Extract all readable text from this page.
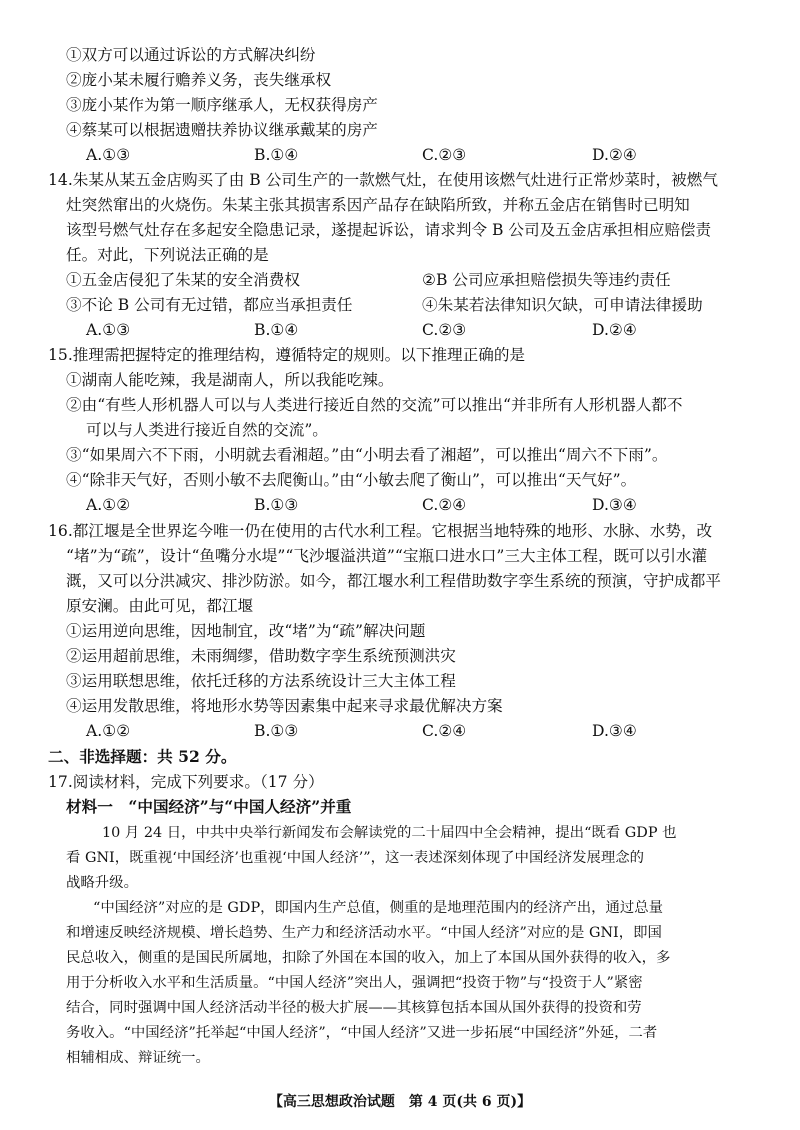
①双方可以通过诉讼的方式解决纠纷
②庞小某未履行赡养义务，丧失继承权
③庞小某作为第一顺序继承人，无权获得房产
④蔡某可以根据遗赠扶养协议继承戴某的房产
A.①③	B.①④	C.②③	D.②④
14.朱某从某五金店购买了由 B 公司生产的一款燃气灶，在使用该燃气灶进行正常炒菜时，被燃气
灶突然窜出的火烧伤。朱某主张其损害系因产品存在缺陷所致，并称五金店在销售时已明知
该型号燃气灶存在多起安全隐患记录，遂提起诉讼，请求判令 B 公司及五金店承担相应赔偿责
任。对此，下列说法正确的是
①五金店侵犯了朱某的安全消费权	②B 公司应承担赔偿损失等违约责任
③不论 B 公司有无过错，都应当承担责任	④朱某若法律知识欠缺，可申请法律援助
A.①③	B.①④	C.②③	D.②④
15.推理需把握特定的推理结构，遵循特定的规则。以下推理正确的是
①湖南人能吃辣，我是湖南人，所以我能吃辣。
②由“有些人形机器人可以与人类进行接近自然的交流”可以推出“并非所有人形机器人都不
可以与人类进行接近自然的交流”。
③“如果周六不下雨，小明就去看湘超。”由“小明去看了湘超”，可以推出“周六不下雨”。
④“除非天气好，否则小敏不去爬衡山。”由“小敏去爬了衡山”，可以推出“天气好”。
A.①②	B.①③	C.②④	D.③④
16.都江堰是全世界迄今唯一仍在使用的古代水利工程。它根据当地特殊的地形、水脉、水势，改
“堵”为“疏”，设计“鱼嘴分水堤”“飞沙堰溢洪道”“宝瓶口进水口”三大主体工程，既可以引水灌
溉，又可以分洪减灾、排沙防淤。如今，都江堰水利工程借助数字孪生系统的预演，守护成都平
原安澜。由此可见，都江堰
①运用逆向思维，因地制宜，改“堵”为“疏”解决问题
②运用超前思维，未雨绸缪，借助数字孪生系统预测洪灾
③运用联想思维，依托迁移的方法系统设计三大主体工程
④运用发散思维，将地形水势等因素集中起来寻求最优解决方案
A.①②	B.①③	C.②④	D.③④
二、非选择题：共 52 分。
17.阅读材料，完成下列要求。（17 分）
材料一　“中国经济”与“中国人经济”并重
10 月 24 日，中共中央举行新闻发布会解读党的二十届四中全会精神，提出“既看 GDP 也
看 GNI，既重视‘中国经济’也重视‘中国人经济’”，这一表述深刻体现了中国经济发展理念的
战略升级。
“中国经济”对应的是 GDP，即国内生产总值，侧重的是地理范围内的经济产出，通过总量
和增速反映经济规模、增长趋势、生产力和经济活动水平。“中国人经济”对应的是 GNI，即国
民总收入，侧重的是国民所属地，扣除了外国在本国的收入，加上了本国从国外获得的收入，多
用于分析收入水平和生活质量。“中国人经济”突出人，强调把“投资于物”与“投资于人”紧密
结合，同时强调中国人经济活动半径的极大扩展——其核算包括本国从国外获得的投资和劳
务收入。“中国经济”托举起“中国人经济”，“中国人经济”又进一步拓展“中国经济”外延，二者
相辅相成、辩证统一。
【高三思想政治试题　第 4 页(共 6 页)】
